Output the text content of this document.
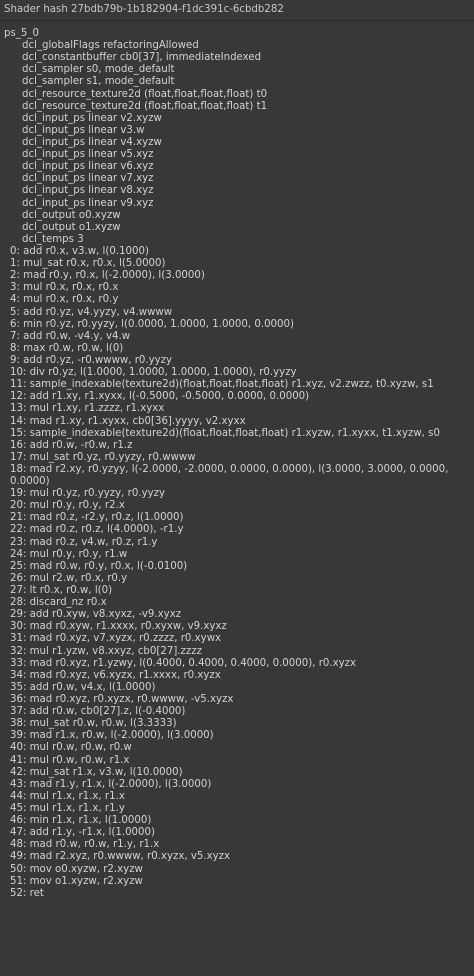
Shader hash 27bdb79b-1b182904-f1dc391c-6cbdb282
ps_5_0
dcl_globalFlags refactoringAllowed
dcl_constantbuffer cb0[37], immediateIndexed
dcl_sampler s0, mode_default
dcl_sampler s1, mode_default
dcl_resource_texture2d (float,float,float,float) t0
dcl_resource_texture2d (float,float,float,float) t1
dcl_input_ps linear v2.xyzw
dcl_input_ps linear v3.w
dcl_input_ps linear v4.xyzw
dcl_input_ps linear v5.xyz
dcl_input_ps linear v6.xyz
dcl_input_ps linear v7.xyz
dcl_input_ps linear v8.xyz
dcl_input_ps linear v9.xyz
dcl_output o0.xyzw
dcl_output o1.xyzw
dcl_temps 3
0: add r0.x, v3.w, l(0.1000)
1: mul_sat r0.x, r0.x, l(5.0000)
2: mad r0.y, r0.x, l(-2.0000), l(3.0000)
3: mul r0.x, r0.x, r0.x
4: mul r0.x, r0.x, r0.y
5: add r0.yz, v4.yyzy, v4.wwww
6: min r0.yz, r0.yyzy, l(0.0000, 1.0000, 1.0000, 0.0000)
7: add r0.w, -v4.y, v4.w
8: max r0.w, r0.w, l(0)
9: add r0.yz, -r0.wwww, r0.yyzy
10: div r0.yz, l(1.0000, 1.0000, 1.0000, 1.0000), r0.yyzy
11: sample_indexable(texture2d)(float,float,float,float) r1.xyz, v2.zwzz, t0.xyzw, s1
12: add r1.xy, r1.xyxx, l(-0.5000, -0.5000, 0.0000, 0.0000)
13: mul r1.xy, r1.zzzz, r1.xyxx
14: mad r1.xy, r1.xyxx, cb0[36].yyyy, v2.xyxx
15: sample_indexable(texture2d)(float,float,float,float) r1.xyzw, r1.xyxx, t1.xyzw, s0
16: add r0.w, -r0.w, r1.z
17: mul_sat r0.yz, r0.yyzy, r0.wwww
18: mad r2.xy, r0.yzyy, l(-2.0000, -2.0000, 0.0000, 0.0000), l(3.0000, 3.0000, 0.0000,
0.0000)
19: mul r0.yz, r0.yyzy, r0.yyzy
20: mul r0.y, r0.y, r2.x
21: mad r0.z, -r2.y, r0.z, l(1.0000)
22: mad r0.z, r0.z, l(4.0000), -r1.y
23: mad r0.z, v4.w, r0.z, r1.y
24: mul r0.y, r0.y, r1.w
25: mad r0.w, r0.y, r0.x, l(-0.0100)
26: mul r2.w, r0.x, r0.y
27: lt r0.x, r0.w, l(0)
28: discard_nz r0.x
29: add r0.xyw, v8.xyxz, -v9.xyxz
30: mad r0.xyw, r1.xxxx, r0.xyxw, v9.xyxz
31: mad r0.xyz, v7.xyzx, r0.zzzz, r0.xywx
32: mul r1.yzw, v8.xxyz, cb0[27].zzzz
33: mad r0.xyz, r1.yzwy, l(0.4000, 0.4000, 0.4000, 0.0000), r0.xyzx
34: mad r0.xyz, v6.xyzx, r1.xxxx, r0.xyzx
35: add r0.w, v4.x, l(1.0000)
36: mad r0.xyz, r0.xyzx, r0.wwww, -v5.xyzx
37: add r0.w, cb0[27].z, l(-0.4000)
38: mul_sat r0.w, r0.w, l(3.3333)
39: mad r1.x, r0.w, l(-2.0000), l(3.0000)
40: mul r0.w, r0.w, r0.w
41: mul r0.w, r0.w, r1.x
42: mul_sat r1.x, v3.w, l(10.0000)
43: mad r1.y, r1.x, l(-2.0000), l(3.0000)
44: mul r1.x, r1.x, r1.x
45: mul r1.x, r1.x, r1.y
46: min r1.x, r1.x, l(1.0000)
47: add r1.y, -r1.x, l(1.0000)
48: mad r0.w, r0.w, r1.y, r1.x
49: mad r2.xyz, r0.wwww, r0.xyzx, v5.xyzx
50: mov o0.xyzw, r2.xyzw
51: mov o1.xyzw, r2.xyzw
52: ret
